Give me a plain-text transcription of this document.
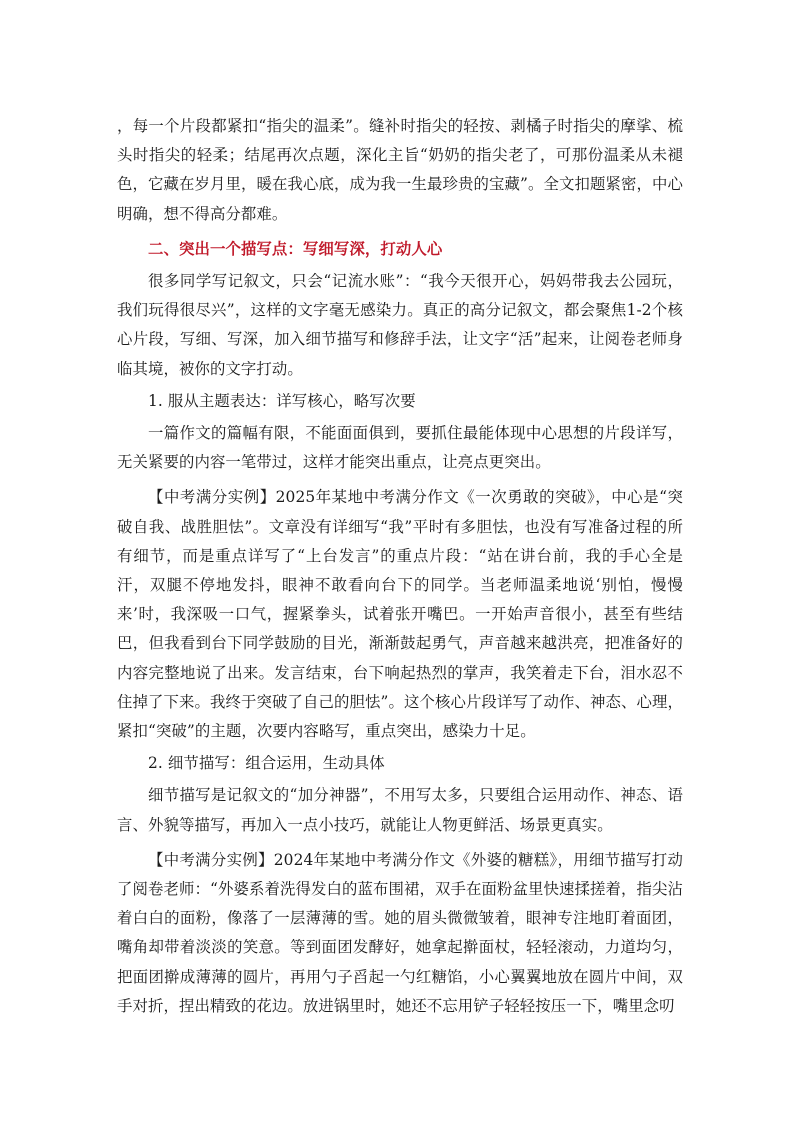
，每一个片段都紧扣“指尖的温柔”。缝补时指尖的轻按、剥橘子时指尖的摩挲、梳头时指尖的轻柔；结尾再次点题，深化主旨“奶奶的指尖老了，可那份温柔从未褪色，它藏在岁月里，暖在我心底，成为我一生最珍贵的宝藏”。全文扣题紧密，中心明确，想不得高分都难。

二、突出一个描写点：写细写深，打动人心

很多同学写记叙文，只会“记流水账”：“我今天很开心，妈妈带我去公园玩，我们玩得很尽兴”，这样的文字毫无感染力。真正的高分记叙文，都会聚焦1-2个核心片段，写细、写深，加入细节描写和修辞手法，让文字“活”起来，让阅卷老师身临其境，被你的文字打动。

1. 服从主题表达：详写核心，略写次要

一篇作文的篇幅有限，不能面面俱到，要抓住最能体现中心思想的片段详写，无关紧要的内容一笔带过，这样才能突出重点，让亮点更突出。

【中考满分实例】2025年某地中考满分作文《一次勇敢的突破》，中心是“突破自我、战胜胆怯”。文章没有详细写“我”平时有多胆怯，也没有写准备过程的所有细节，而是重点详写了“上台发言”的重点片段：“站在讲台前，我的手心全是汗，双腿不停地发抖，眼神不敢看向台下的同学。当老师温柔地说‘别怕，慢慢来’时，我深吸一口气，握紧拳头，试着张开嘴巴。一开始声音很小，甚至有些结巴，但我看到台下同学鼓励的目光，渐渐鼓起勇气，声音越来越洪亮，把准备好的内容完整地说了出来。发言结束，台下响起热烈的掌声，我笑着走下台，泪水忍不住掉了下来。我终于突破了自己的胆怯”。这个核心片段详写了动作、神态、心理，紧扣“突破”的主题，次要内容略写，重点突出，感染力十足。

2. 细节描写：组合运用，生动具体

细节描写是记叙文的“加分神器”，不用写太多，只要组合运用动作、神态、语言、外貌等描写，再加入一点小技巧，就能让人物更鲜活、场景更真实。

【中考满分实例】2024年某地中考满分作文《外婆的糖糕》，用细节描写打动了阅卷老师：“外婆系着洗得发白的蓝布围裙，双手在面粉盆里快速揉搓着，指尖沾着白白的面粉，像落了一层薄薄的雪。她的眉头微微皱着，眼神专注地盯着面团，嘴角却带着淡淡的笑意。等到面团发酵好，她拿起擀面杖，轻轻滚动，力道均匀，把面团擀成薄薄的圆片，再用勺子舀起一勺红糖馅，小心翼翼地放在圆片中间，双手对折，捏出精致的花边。放进锅里时，她还不忘用铲子轻轻按压一下，嘴里念叨
